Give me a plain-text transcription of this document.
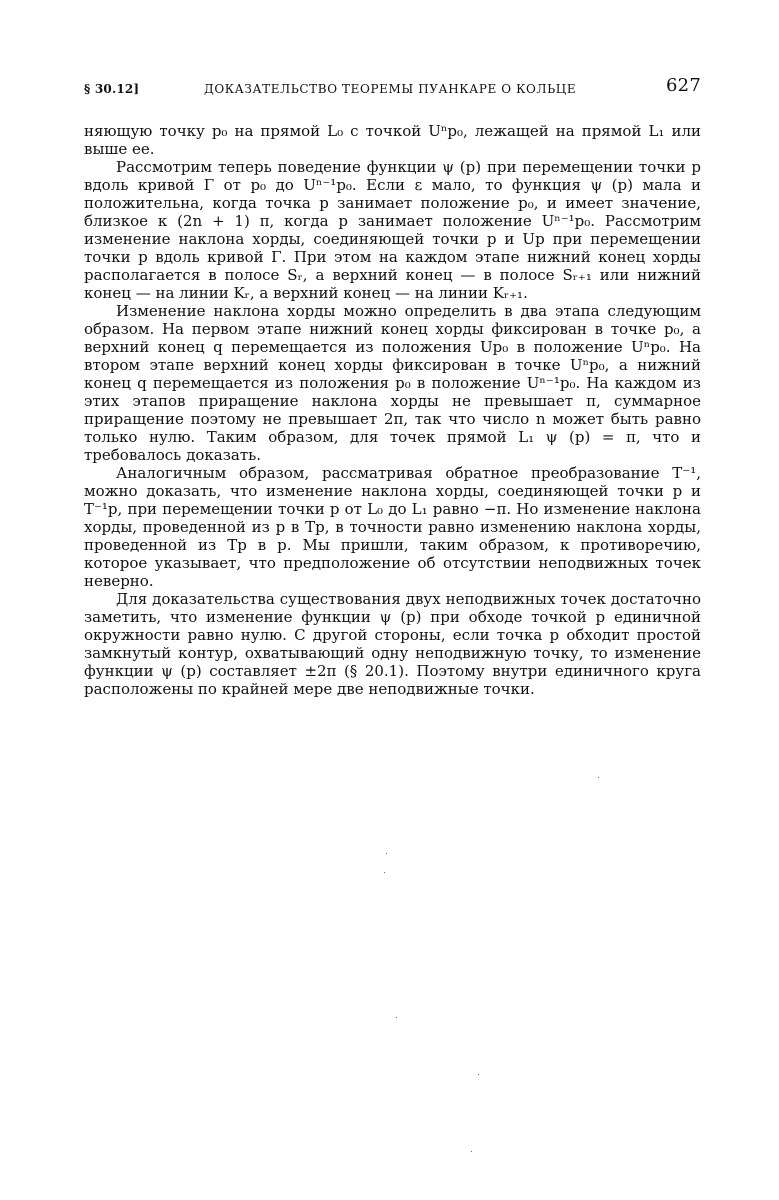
§ 30.12]	ДОКАЗАТЕЛЬСТВО ТЕОРЕМЫ ПУАНКАРЕ О КОЛЬЦЕ	627

няющую точку p₀ на прямой L₀ с точкой Uⁿp₀, лежащей на прямой L₁ или выше ее.

Рассмотрим теперь поведение функции ψ (p) при перемещении точки p вдоль кривой Γ от p₀ до Uⁿ⁻¹p₀. Если ε мало, то функция ψ (p) мала и положительна, когда точка p занимает положение p₀, и имеет значение, близкое к (2n + 1) π, когда p занимает положение Uⁿ⁻¹p₀. Рассмотрим изменение наклона хорды, соединяющей точки p и Up при перемещении точки p вдоль кривой Γ. При этом на каждом этапе нижний конец хорды располагается в полосе Sᵣ, а верхний конец — в полосе Sᵣ₊₁ или нижний конец — на линии Kᵣ, а верхний конец — на линии Kᵣ₊₁.

Изменение наклона хорды можно определить в два этапа следующим образом. На первом этапе нижний конец хорды фиксирован в точке p₀, а верхний конец q перемещается из положения Up₀ в положение Uⁿp₀. На втором этапе верхний конец хорды фиксирован в точке Uⁿp₀, а нижний конец q перемещается из положения p₀ в положение Uⁿ⁻¹p₀. На каждом из этих этапов приращение наклона хорды не превышает π, суммарное приращение поэтому не превышает 2π, так что число n может быть равно только нулю. Таким образом, для точек прямой L₁ ψ (p) = π, что и требовалось доказать.

Аналогичным образом, рассматривая обратное преобразование T⁻¹, можно доказать, что изменение наклона хорды, соединяющей точки p и T⁻¹p, при перемещении точки p от L₀ до L₁ равно −π. Но изменение наклона хорды, проведенной из p в Tp, в точности равно изменению наклона хорды, проведенной из Tp в p. Мы пришли, таким образом, к противоречию, которое указывает, что предположение об отсутствии неподвижных точек неверно.

Для доказательства существования двух неподвижных точек достаточно заметить, что изменение функции ψ (p) при обходе точкой p единичной окружности равно нулю. С другой стороны, если точка p обходит простой замкнутый контур, охватывающий одну неподвижную точку, то изменение функции ψ (p) составляет ±2π (§ 20.1). Поэтому внутри единичного круга расположены по крайней мере две неподвижные точки.
